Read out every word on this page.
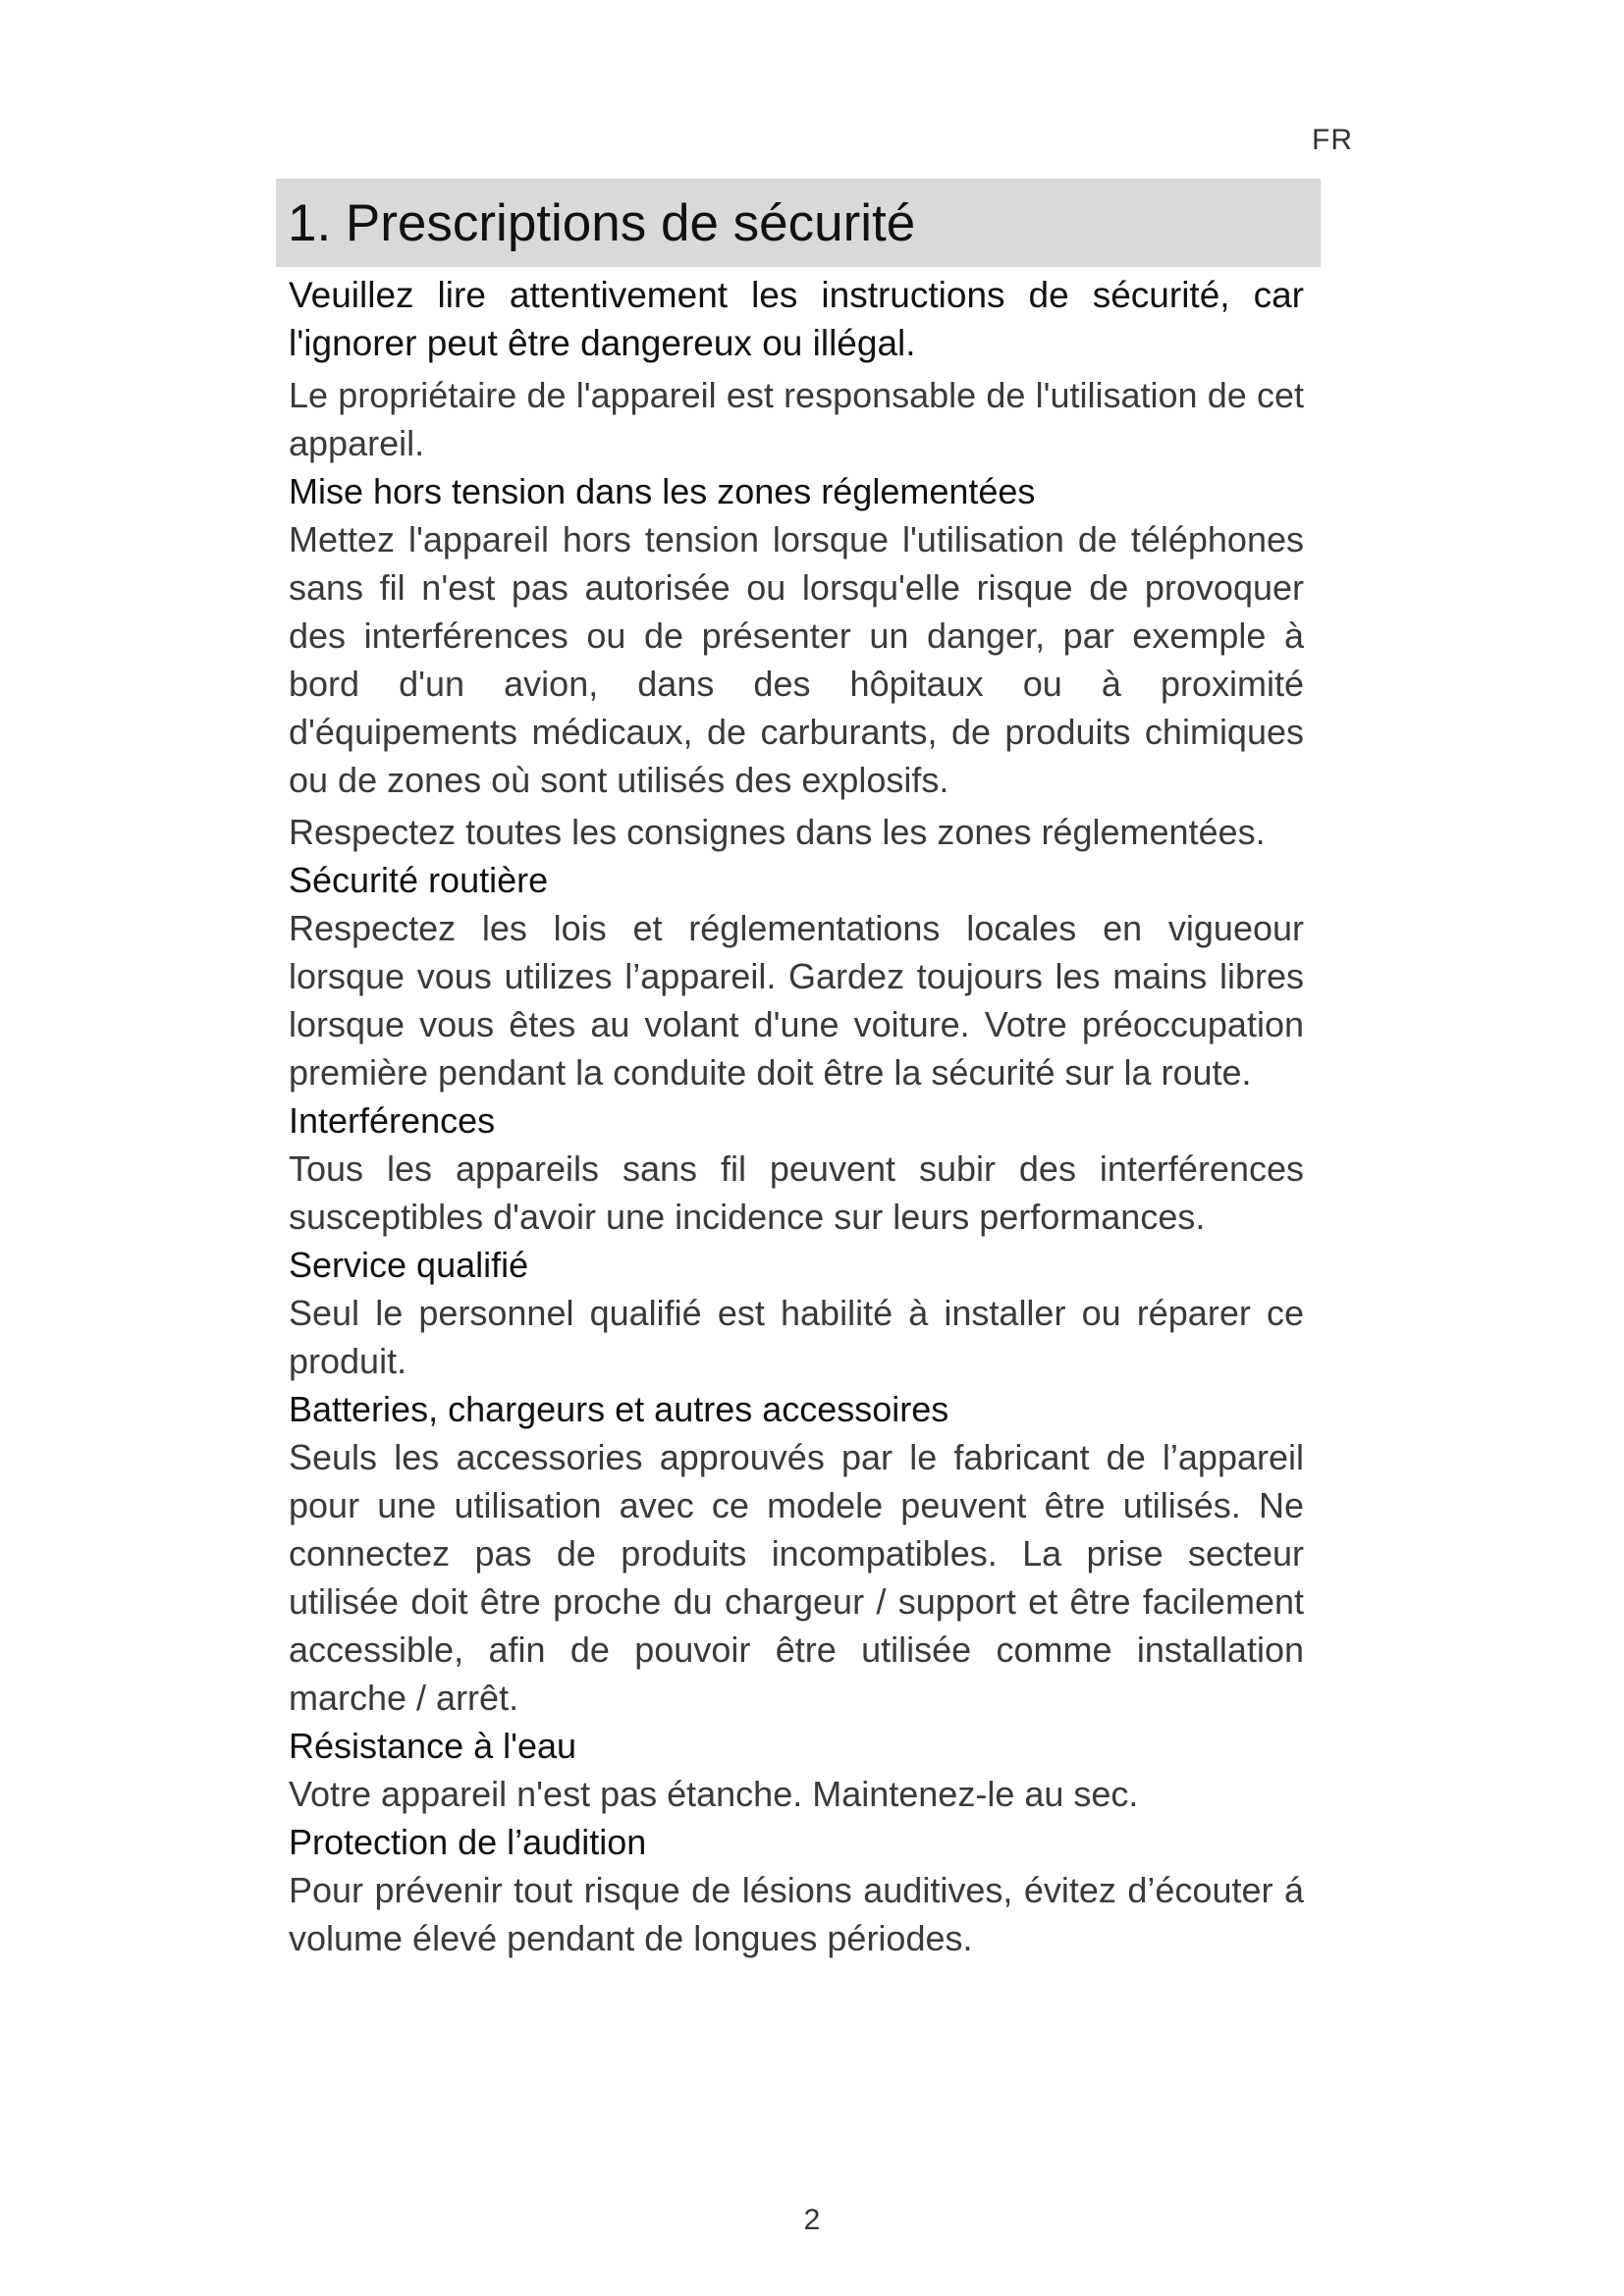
FR
1. Prescriptions de sécurité

Veuillez lire attentivement les instructions de sécurité, car l'ignorer peut être dangereux ou illégal.

Le propriétaire de l'appareil est responsable de l'utilisation de cet appareil.

Mise hors tension dans les zones réglementées

Mettez l'appareil hors tension lorsque l'utilisation de téléphones sans fil n'est pas autorisée ou lorsqu'elle risque de provoquer des interférences ou de présenter un danger, par exemple à bord d'un avion, dans des hôpitaux ou à proximité d'équipements médicaux, de carburants, de produits chimiques ou de zones où sont utilisés des explosifs.

Respectez toutes les consignes dans les zones réglementées.

Sécurité routière

Respectez les lois et réglementations locales en vigueour lorsque vous utilizes l’appareil. Gardez toujours les mains libres lorsque vous êtes au volant d'une voiture. Votre préoccupation première pendant la conduite doit être la sécurité sur la route.

Interférences

Tous les appareils sans fil peuvent subir des interférences susceptibles d'avoir une incidence sur leurs performances.

Service qualifié

Seul le personnel qualifié est habilité à installer ou réparer ce produit.

Batteries, chargeurs et autres accessoires

Seuls les accessories approuvés par le fabricant de l’appareil pour une utilisation avec ce modele peuvent être utilisés. Ne connectez pas de produits incompatibles. La prise secteur utilisée doit être proche du chargeur / support et être facilement accessible, afin de pouvoir être utilisée comme installation marche / arrêt.

Résistance à l'eau

Votre appareil n'est pas étanche. Maintenez-le au sec.

Protection de l’audition

Pour prévenir tout risque de lésions auditives, évitez d’écouter á volume élevé pendant de longues périodes.

2
